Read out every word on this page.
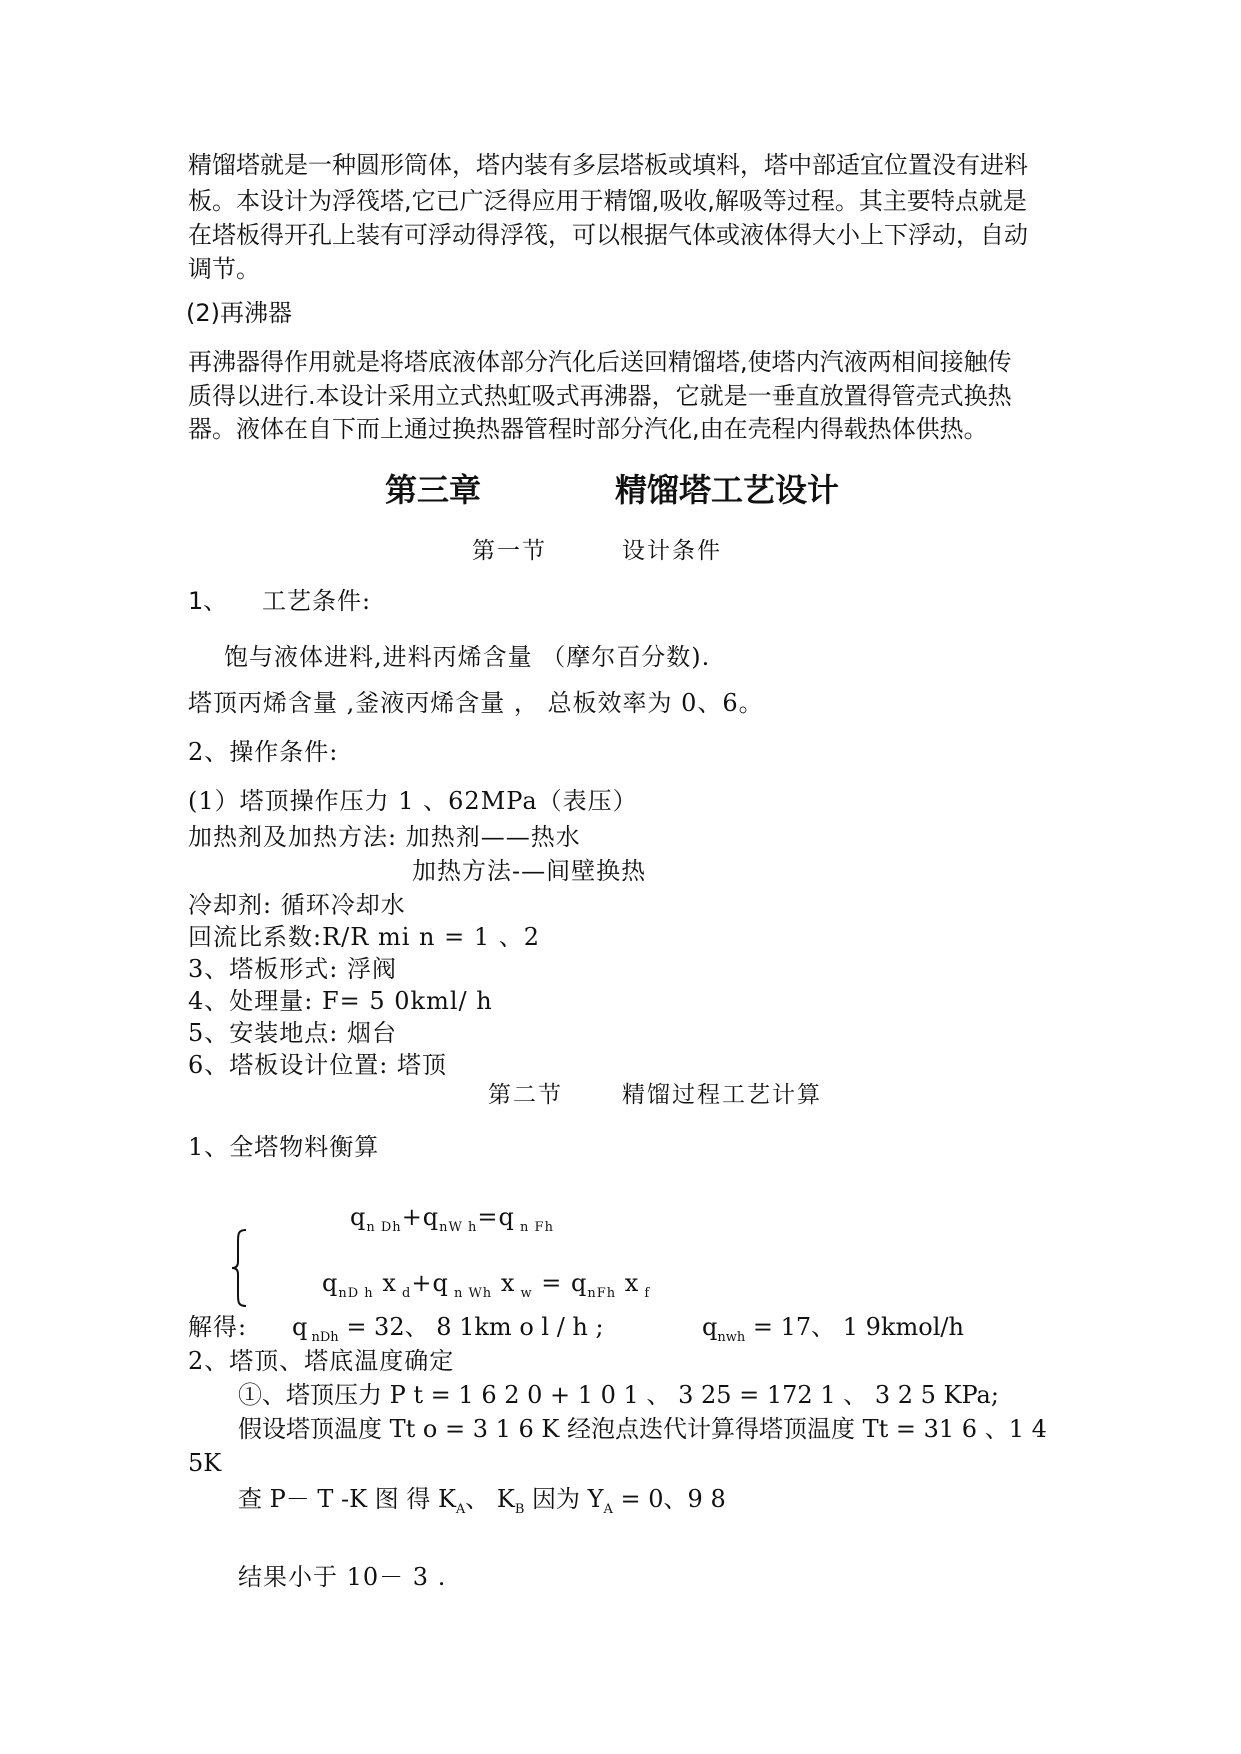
精馏塔就是一种圆形筒体，塔内装有多层塔板或填料，塔中部适宜位置没有进料
板。本设计为浮筏塔,它已广泛得应用于精馏,吸收,解吸等过程。其主要特点就是
在塔板得开孔上装有可浮动得浮筏，可以根据气体或液体得大小上下浮动，自动
调节。
(2)再沸器
再沸器得作用就是将塔底液体部分汽化后送回精馏塔,使塔内汽液两相间接触传
质得以进行.本设计采用立式热虹吸式再沸器，它就是一垂直放置得管壳式换热
器。液体在自下而上通过换热器管程时部分汽化,由在壳程内得载热体供热。
第三章	精馏塔工艺设计
第一节	设计条件
1、 工艺条件:
饱与液体进料,进料丙烯含量 （摩尔百分数).
塔顶丙烯含量 ,釜液丙烯含量 ， 总板效率为 0、6。
2、操作条件:
(1）塔顶操作压力 1 、62MPa（表压）
加热剂及加热方法: 加热剂——热水
加热方法-—间壁换热
冷却剂: 循环冷却水
回流比系数:R/R mi n = 1 、2
3、塔板形式: 浮阀
4、处理量: F= 5 0kml/ h
5、安装地点: 烟台
6、塔板设计位置: 塔顶
第二节	精馏过程工艺计算
1、全塔物料衡算
$q_{n Dh}+q_{nW h}=q$ $_{n Fh}$
$q_{nD h}$ x $_d$+q $_{n Wh}$ x $_w = q_{nFh}$ x $_f$
解得: q $_{nDh}$ = 32、 8 1km o l / h ;	$q_{nwh} = 17$、 1 9kmol/h
2、塔顶、塔底温度确定
①、塔顶压力 P t = 1 6 2 0 + 1 0 1 、 3 25 = 172 1 、 3 2 5 KPa;
假设塔顶温度 Tt o = 3 1 6 K 经泡点迭代计算得塔顶温度 Tt = 31 6 、1 4
5K
查 P－ T -K 图 得 $K_A$、 $K_B$ 因为 $Y_A = 0$、9 8
结果小于 10－ 3 .
